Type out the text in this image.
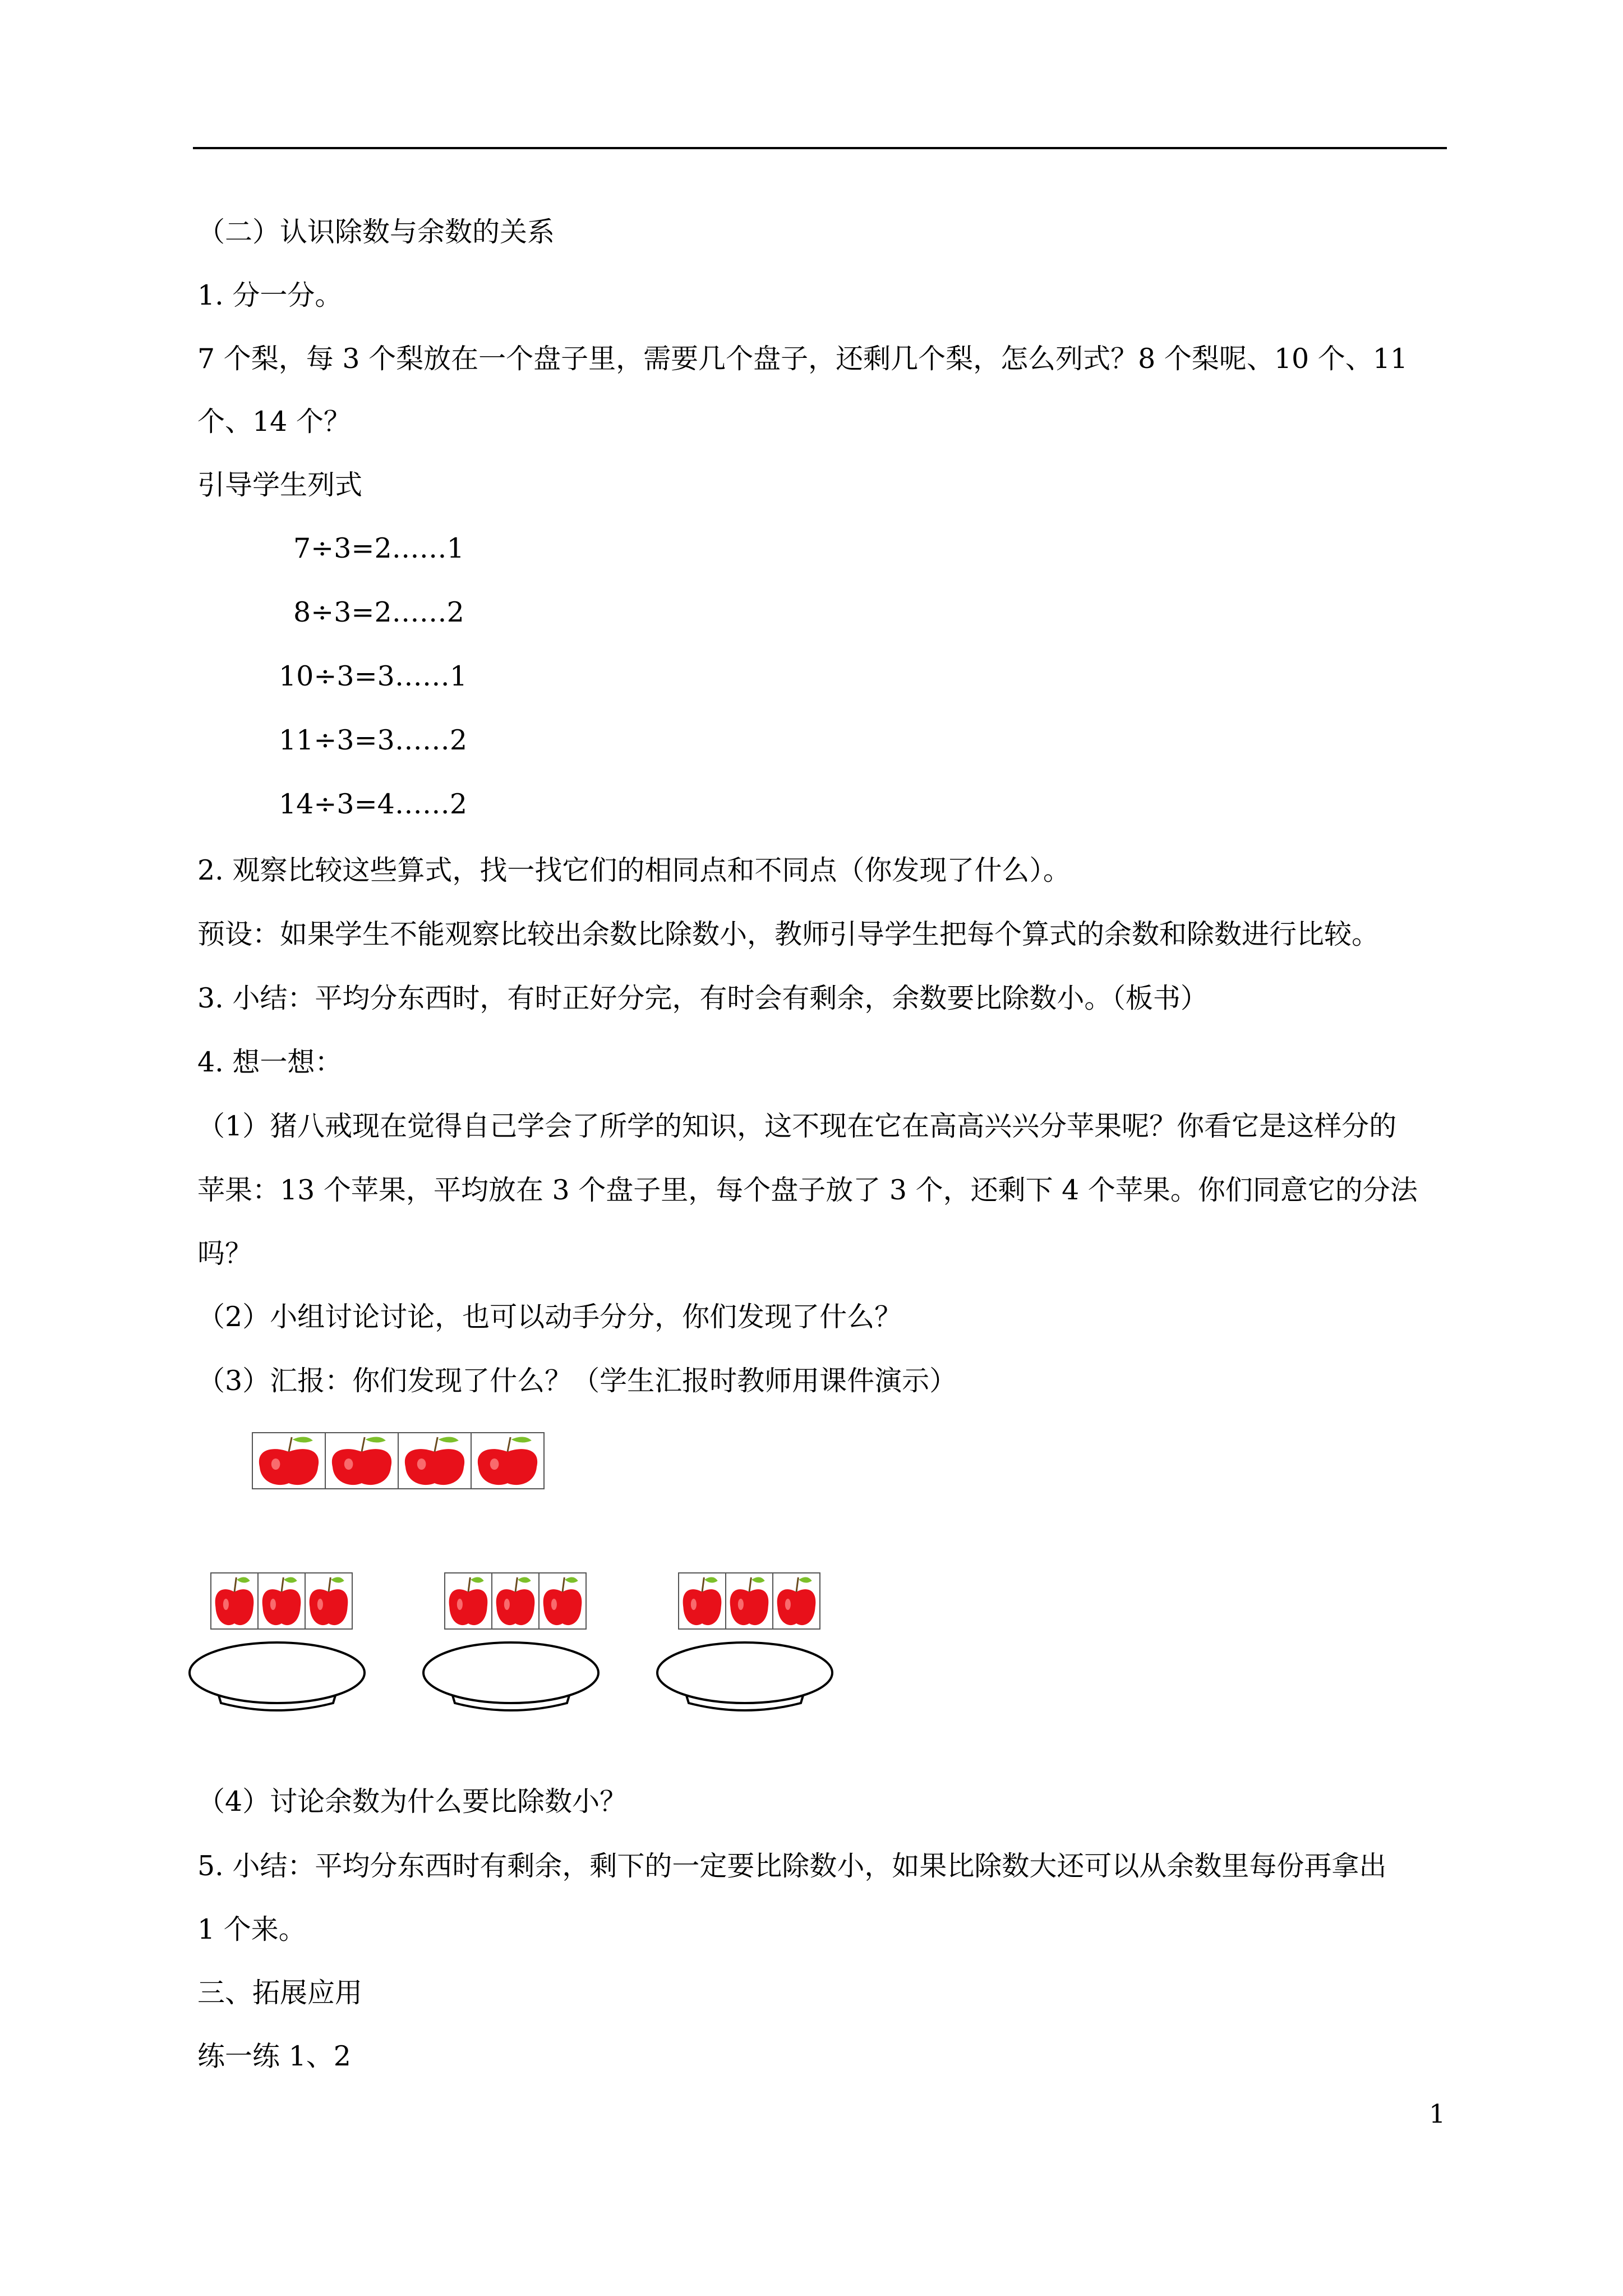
（二）认识除数与余数的关系
1. 分一分。
7 个梨，每 3 个梨放在一个盘子里，需要几个盘子，还剩几个梨，怎么列式？8 个梨呢、10 个、11
个、14 个？
引导学生列式
7÷3=2……1
8÷3=2……2
10÷3=3……1
11÷3=3……2
14÷3=4……2
2. 观察比较这些算式，找一找它们的相同点和不同点（你发现了什么）。
预设：如果学生不能观察比较出余数比除数小，教师引导学生把每个算式的余数和除数进行比较。
3. 小结：平均分东西时，有时正好分完，有时会有剩余，余数要比除数小。（板书）
4. 想一想：
（1）猪八戒现在觉得自己学会了所学的知识，这不现在它在高高兴兴分苹果呢？你看它是这样分的
苹果：13 个苹果，平均放在 3 个盘子里，每个盘子放了 3 个，还剩下 4 个苹果。你们同意它的分法
吗？
（2）小组讨论讨论，也可以动手分分，你们发现了什么？
（3）汇报：你们发现了什么？（学生汇报时教师用课件演示）
（4）讨论余数为什么要比除数小？
5. 小结：平均分东西时有剩余，剩下的一定要比除数小，如果比除数大还可以从余数里每份再拿出
1 个来。
三、拓展应用
练一练 1、2
1
